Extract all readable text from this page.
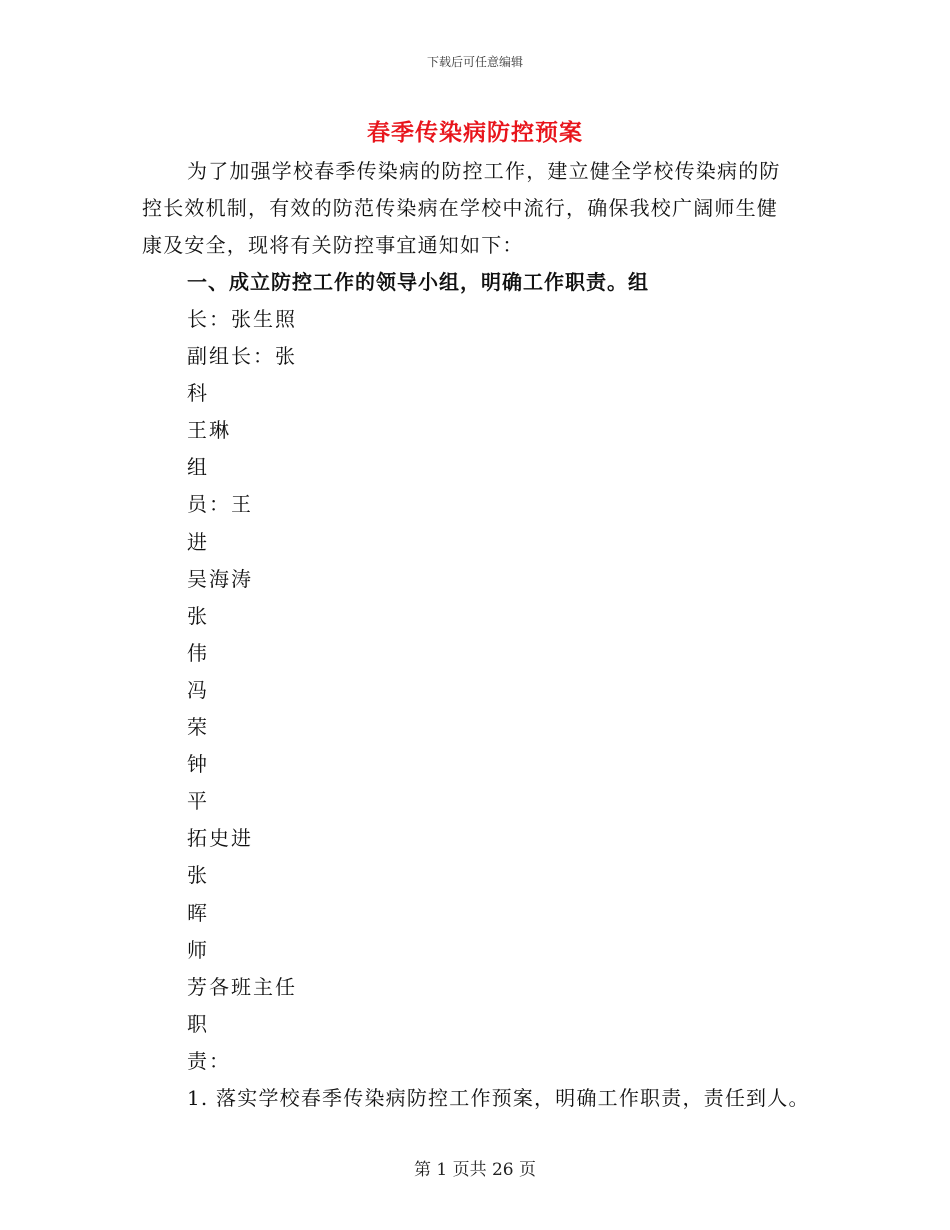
下载后可任意编辑
春季传染病防控预案
为了加强学校春季传染病的防控工作，建立健全学校传染病的防
控长效机制，有效的防范传染病在学校中流行，确保我校广阔师生健
康及安全，现将有关防控事宜通知如下：
一、成立防控工作的领导小组，明确工作职责。组
长：张生照
副组长：张
科
王琳
组
员：王
进
吴海涛
张
伟
冯
荣
钟
平
拓史进
张
晖
师
芳各班主任
职
责：
1. 落实学校春季传染病防控工作预案，明确工作职责，责任到人。
第 1 页共 26 页
